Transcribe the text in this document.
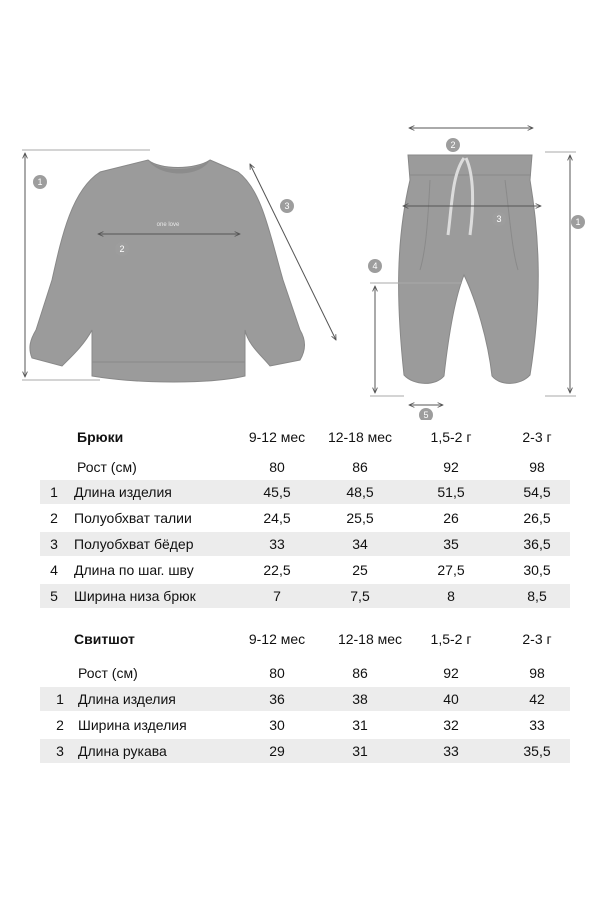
one love
1
2
3
1
2
3
4
5
Брюки	9-12 мес	12-18 мес	1,5-2 г	2-3 г
Рост (см)	80	86	92	98
1	Длина изделия	45,5	48,5	51,5	54,5
2	Полуобхват талии	24,5	25,5	26	26,5
3	Полуобхват бёдер	33	34	35	36,5
4	Длина по шаг. шву	22,5	25	27,5	30,5
5	Ширина низа брюк	7	7,5	8	8,5
Свитшот	9-12 мес	12-18 мес	1,5-2 г	2-3 г
Рост (см)	80	86	92	98
1	Длина изделия	36	38	40	42
2	Ширина изделия	30	31	32	33
3	Длина рукава	29	31	33	35,5
